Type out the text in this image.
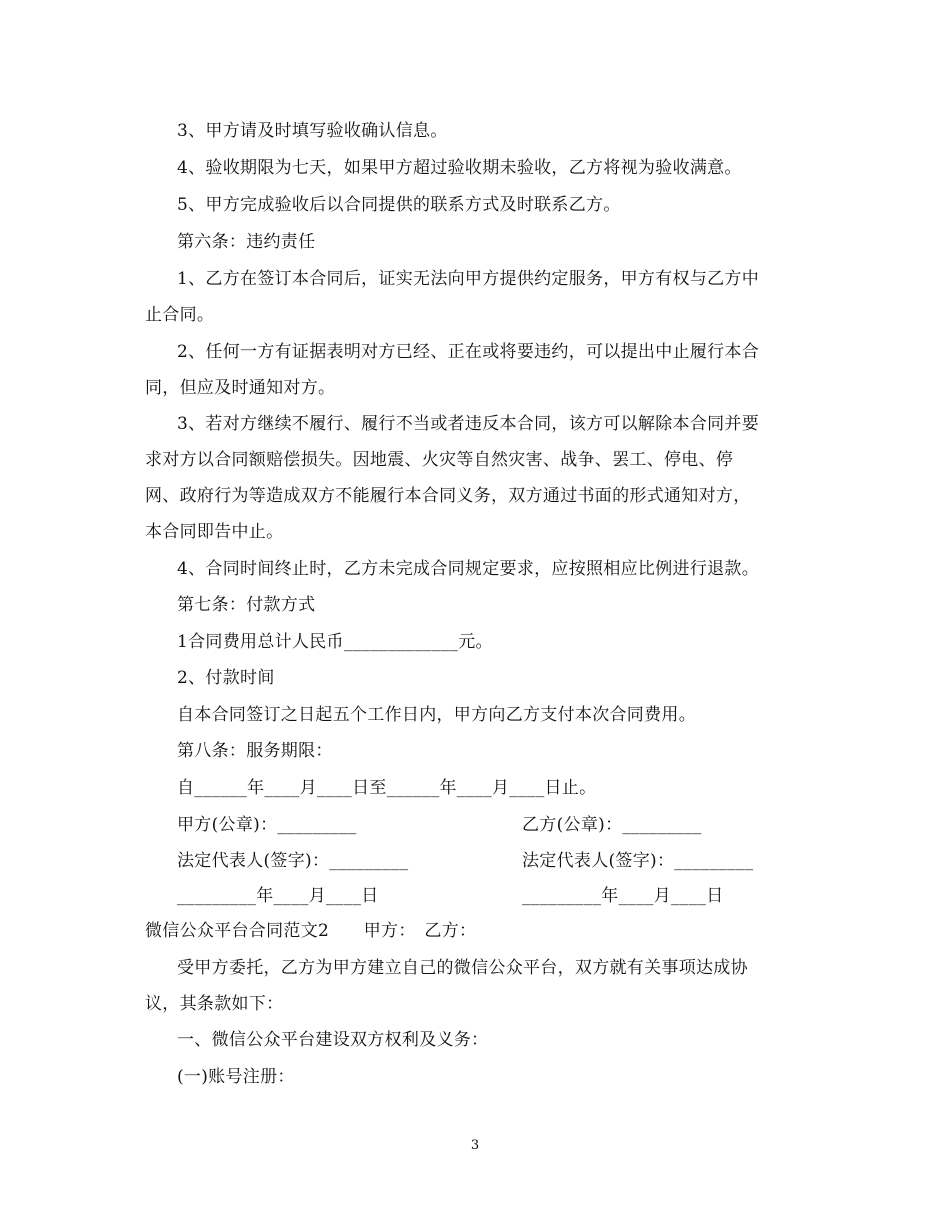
3、甲方请及时填写验收确认信息。
4、验收期限为七天，如果甲方超过验收期未验收，乙方将视为验收满意。
5、甲方完成验收后以合同提供的联系方式及时联系乙方。
第六条：违约责任
1、乙方在签订本合同后，证实无法向甲方提供约定服务，甲方有权与乙方中
止合同。
2、任何一方有证据表明对方已经、正在或将要违约，可以提出中止履行本合
同，但应及时通知对方。
3、若对方继续不履行、履行不当或者违反本合同，该方可以解除本合同并要
求对方以合同额赔偿损失。因地震、火灾等自然灾害、战争、罢工、停电、停
网、政府行为等造成双方不能履行本合同义务，双方通过书面的形式通知对方，
本合同即告中止。
4、合同时间终止时，乙方未完成合同规定要求，应按照相应比例进行退款。
第七条：付款方式
1合同费用总计人民币_____________元。
2、付款时间
自本合同签订之日起五个工作日内，甲方向乙方支付本次合同费用。
第八条：服务期限：
自______年____月____日至______年____月____日止。
甲方(公章)：_________	乙方(公章)：_________
法定代表人(签字)：_________	法定代表人(签字)：_________
_________年____月____日	_________年____月____日
微信公众平台合同范文2　　甲方：　乙方：
受甲方委托，乙方为甲方建立自己的微信公众平台，双方就有关事项达成协
议，其条款如下：
一、微信公众平台建设双方权利及义务：
(一)账号注册：
3
